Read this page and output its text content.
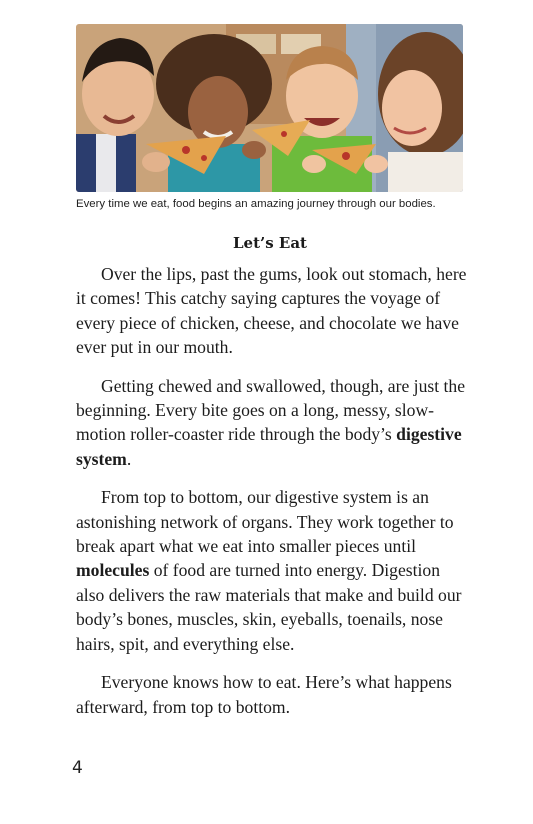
Every time we eat, food begins an amazing journey through our bodies.
Let’s Eat

Over the lips, past the gums, look out stomach, here it comes! This catchy saying captures the voyage of every piece of chicken, cheese, and chocolate we have ever put in our mouth.

Getting chewed and swallowed, though, are just the beginning. Every bite goes on a long, messy, slow-motion roller-coaster ride through the body’s digestive system.

From top to bottom, our digestive system is an astonishing network of organs. They work together to break apart what we eat into smaller pieces until molecules of food are turned into energy. Digestion also delivers the raw materials that make and build our body’s bones, muscles, skin, eyeballs, toenails, nose hairs, spit, and everything else.

Everyone knows how to eat. Here’s what happens afterward, from top to bottom.

4
